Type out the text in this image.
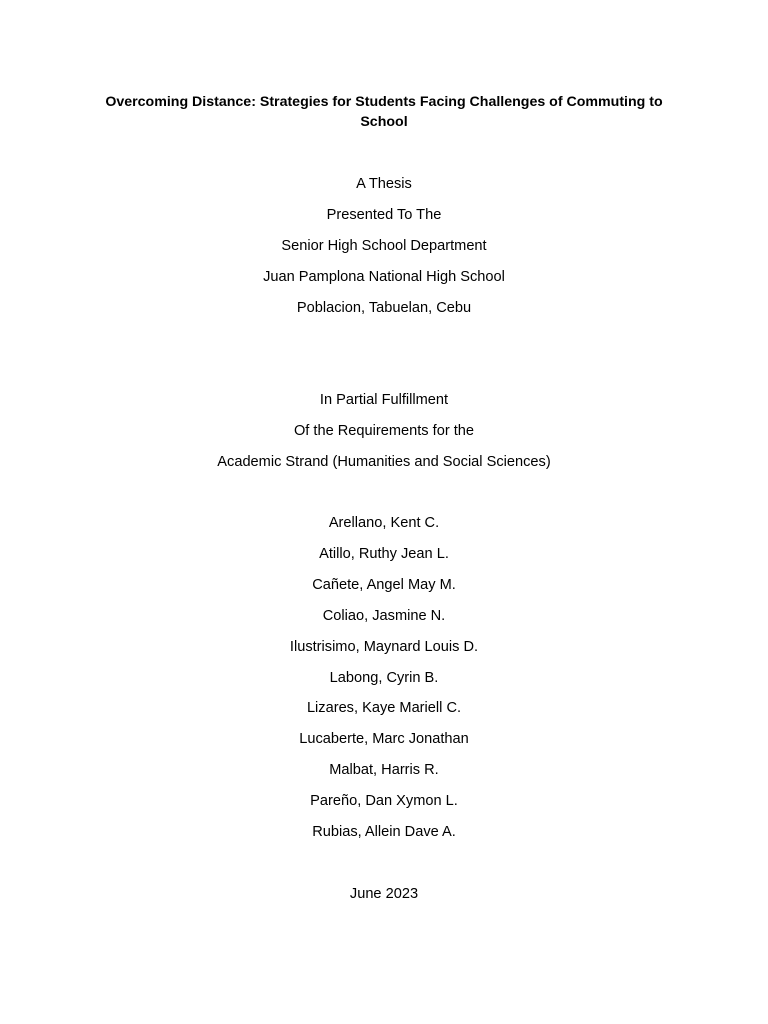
Overcoming Distance: Strategies for Students Facing Challenges of Commuting to School
A Thesis
Presented To The
Senior High School Department
Juan Pamplona National High School
Poblacion, Tabuelan, Cebu
In Partial Fulfillment
Of the Requirements for the
Academic Strand (Humanities and Social Sciences)
Arellano, Kent C.
Atillo, Ruthy Jean L.
Cañete, Angel May M.
Coliao, Jasmine N.
Ilustrisimo, Maynard Louis D.
Labong, Cyrin B.
Lizares, Kaye Mariell C.
Lucaberte, Marc Jonathan
Malbat, Harris R.
Pareño, Dan Xymon L.
Rubias, Allein Dave A.
June 2023
